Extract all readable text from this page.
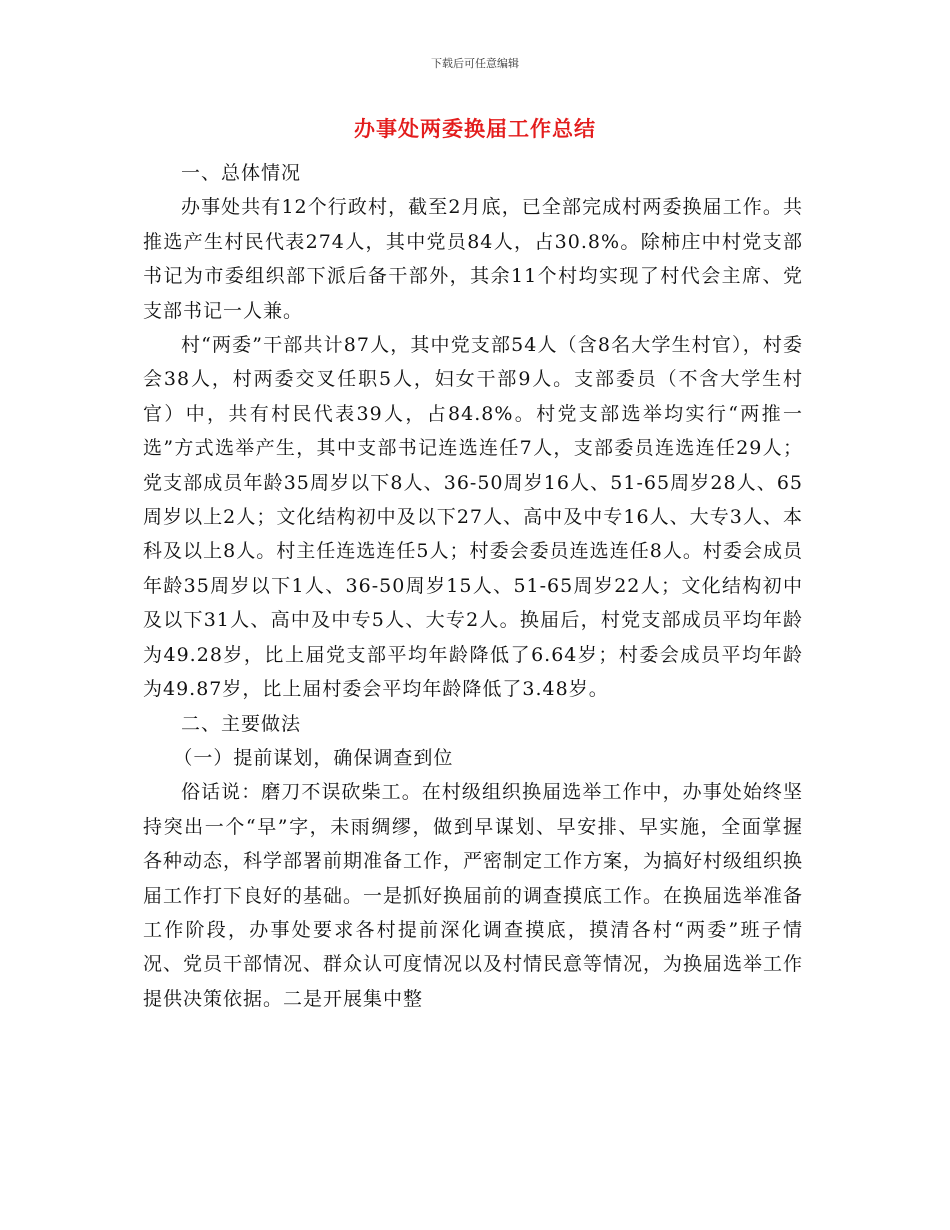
下载后可任意编辑
办事处两委换届工作总结

一、总体情况

办事处共有12个行政村，截至2月底，已全部完成村两委换届工作。共推选产生村民代表274人，其中党员84人，占30.8%。除柿庄中村党支部书记为市委组织部下派后备干部外，其余11个村均实现了村代会主席、党支部书记一人兼。

村“两委”干部共计87人，其中党支部54人（含8名大学生村官），村委会38人，村两委交叉任职5人，妇女干部9人。支部委员（不含大学生村官）中，共有村民代表39人，占84.8%。村党支部选举均实行“两推一选”方式选举产生，其中支部书记连选连任7人，支部委员连选连任29人；党支部成员年龄35周岁以下8人、36-50周岁16人、51-65周岁28人、65周岁以上2人；文化结构初中及以下27人、高中及中专16人、大专3人、本科及以上8人。村主任连选连任5人；村委会委员连选连任8人。村委会成员年龄35周岁以下1人、36-50周岁15人、51-65周岁22人；文化结构初中及以下31人、高中及中专5人、大专2人。换届后，村党支部成员平均年龄为49.28岁，比上届党支部平均年龄降低了6.64岁；村委会成员平均年龄为49.87岁，比上届村委会平均年龄降低了3.48岁。

二、主要做法

（一）提前谋划，确保调查到位

俗话说：磨刀不误砍柴工。在村级组织换届选举工作中，办事处始终坚持突出一个“早”字，未雨绸缪，做到早谋划、早安排、早实施，全面掌握各种动态，科学部署前期准备工作，严密制定工作方案，为搞好村级组织换届工作打下良好的基础。一是抓好换届前的调查摸底工作。在换届选举准备工作阶段，办事处要求各村提前深化调查摸底，摸清各村“两委”班子情况、党员干部情况、群众认可度情况以及村情民意等情况，为换届选举工作提供决策依据。二是开展集中整
